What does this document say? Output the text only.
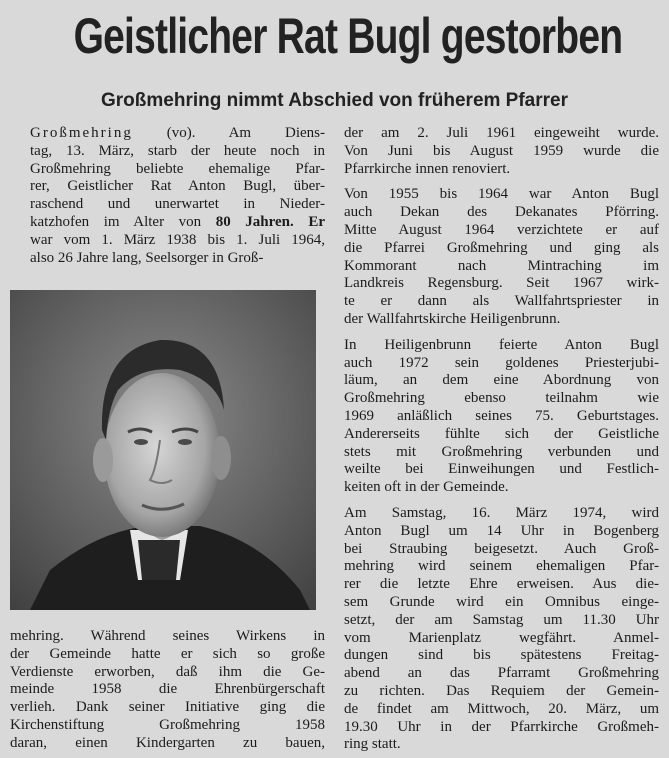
Geistlicher Rat Bugl gestorben
Großmehring nimmt Abschied von früherem Pfarrer
Großmehring (vo). Am Diens-
tag, 13. März, starb der heute noch in
Großmehring beliebte ehemalige Pfar-
rer, Geistlicher Rat Anton Bugl, über-
raschend und unerwartet in Nieder-
katzhofen im Alter von 80 Jahren. Er
war vom 1. März 1938 bis 1. Juli 1964,
also 26 Jahre lang, Seelsorger in Groß-
mehring. Während seines Wirkens in
der Gemeinde hatte er sich so große
Verdienste erworben, daß ihm die Ge-
meinde 1958 die Ehrenbürgerschaft
verlieh. Dank seiner Initiative ging die
Kirchenstiftung Großmehring 1958
daran, einen Kindergarten zu bauen,

der am 2. Juli 1961 eingeweiht wurde.
Von Juni bis August 1959 wurde die
Pfarrkirche innen renoviert.

Von 1955 bis 1964 war Anton Bugl
auch Dekan des Dekanates Pförring.
Mitte August 1964 verzichtete er auf
die Pfarrei Großmehring und ging als
Kommorant nach Mintraching im
Landkreis Regensburg. Seit 1967 wirk-
te er dann als Wallfahrtspriester in
der Wallfahrtskirche Heiligenbrunn.

In Heiligenbrunn feierte Anton Bugl
auch 1972 sein goldenes Priesterjubi-
läum, an dem eine Abordnung von
Großmehring ebenso teilnahm wie
1969 anläßlich seines 75. Geburtstages.
Andererseits fühlte sich der Geistliche
stets mit Großmehring verbunden und
weilte bei Einweihungen und Festlich-
keiten oft in der Gemeinde.

Am Samstag, 16. März 1974, wird
Anton Bugl um 14 Uhr in Bogenberg
bei Straubing beigesetzt. Auch Groß-
mehring wird seinem ehemaligen Pfar-
rer die letzte Ehre erweisen. Aus die-
sem Grunde wird ein Omnibus einge-
setzt, der am Samstag um 11.30 Uhr
vom Marienplatz wegfährt. Anmel-
dungen sind bis spätestens Freitag-
abend an das Pfarramt Großmehring
zu richten. Das Requiem der Gemein-
de findet am Mittwoch, 20. März, um
19.30 Uhr in der Pfarrkirche Großmeh-
ring statt.
